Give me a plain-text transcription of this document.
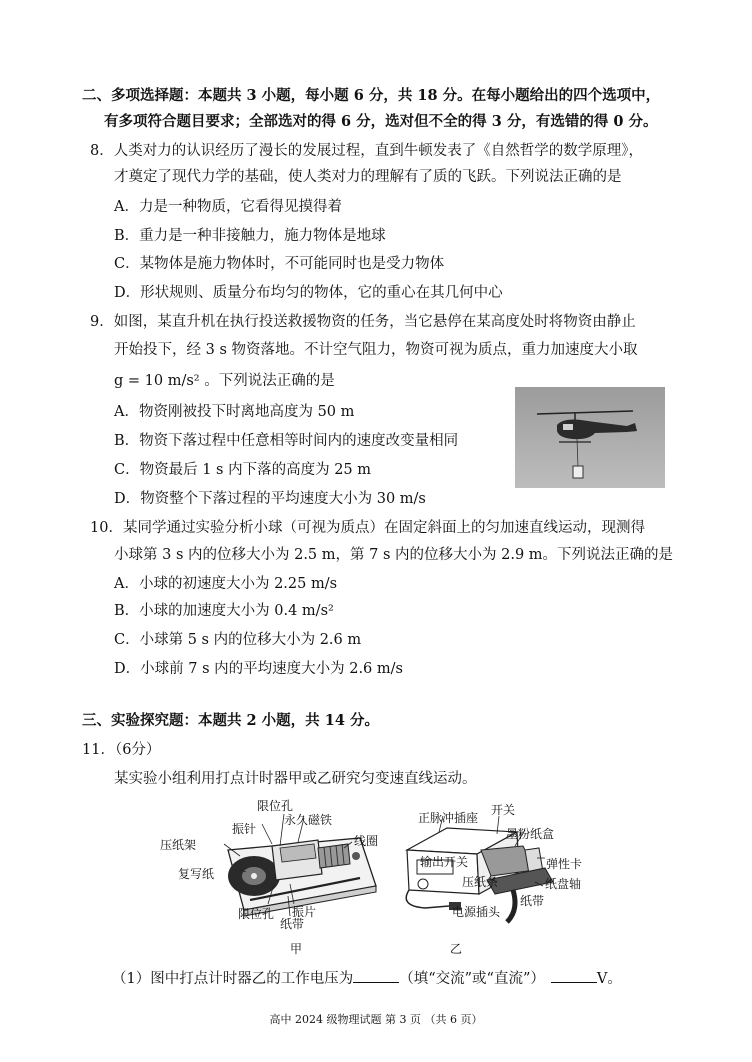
二、多项选择题：本题共 3 小题，每小题 6 分，共 18 分。在每小题给出的四个选项中，
有多项符合题目要求；全部选对的得 6 分，选对但不全的得 3 分，有选错的得 0 分。
8．人类对力的认识经历了漫长的发展过程，直到牛顿发表了《自然哲学的数学原理》，
才奠定了现代力学的基础，使人类对力的理解有了质的飞跃。下列说法正确的是
A．力是一种物质，它看得见摸得着
B．重力是一种非接触力，施力物体是地球
C．某物体是施力物体时，不可能同时也是受力物体
D．形状规则、质量分布均匀的物体，它的重心在其几何中心
9．如图，某直升机在执行投送救援物资的任务，当它悬停在某高度处时将物资由静止
开始投下，经 3 s 物资落地。不计空气阻力，物资可视为质点，重力加速度大小取
g = 10 m/s² 。下列说法正确的是
A．物资刚被投下时离地高度为 50 m
B．物资下落过程中任意相等时间内的速度改变量相同
C．物资最后 1 s 内下落的高度为 25 m
D．物资整个下落过程的平均速度大小为 30 m/s
10．某同学通过实验分析小球（可视为质点）在固定斜面上的匀加速直线运动，现测得
小球第 3 s 内的位移大小为 2.5 m，第 7 s 内的位移大小为 2.9 m。下列说法正确的是
A．小球的初速度大小为 2.25 m/s
B．小球的加速度大小为 0.4 m/s²
C．小球第 5 s 内的位移大小为 2.6 m
D．小球前 7 s 内的平均速度大小为 2.6 m/s
三、实验探究题：本题共 2 小题，共 14 分。
11．（6分）
某实验小组利用打点计时器甲或乙研究匀变速直线运动。
限位孔
振针
永久磁铁
压纸架	线圈
复写纸
限位孔 振片
纸带
甲
正脉冲插座
开关
墨粉纸盒
输出开关	弹性卡
压纸条	纸盘轴
电源插头
纸带
乙
（1）图中打点计时器乙的工作电压为	（填“交流”或“直流”）	V。
高中 2024 级物理试题 第 3 页 （共 6 页）
